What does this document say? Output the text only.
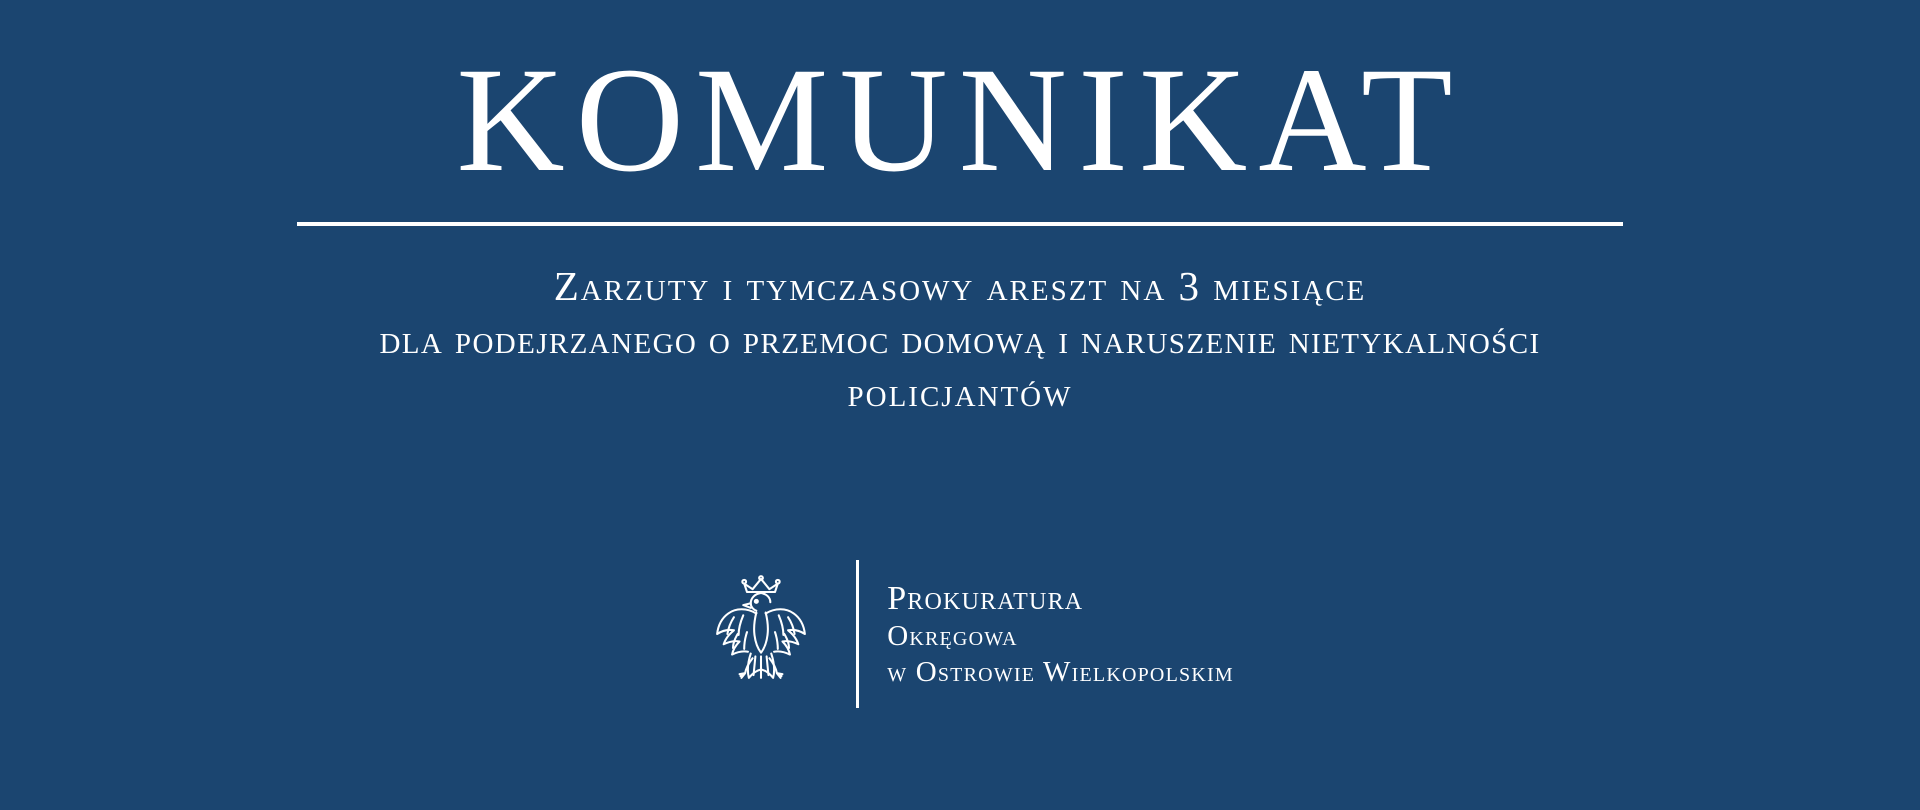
KOMUNIKAT
Zarzuty i tymczasowy areszt na 3 miesiące
dla podejrzanego o przemoc domową i naruszenie nietykalności
policjantów
Prokuratura
Okręgowa
w Ostrowie Wielkopolskim
